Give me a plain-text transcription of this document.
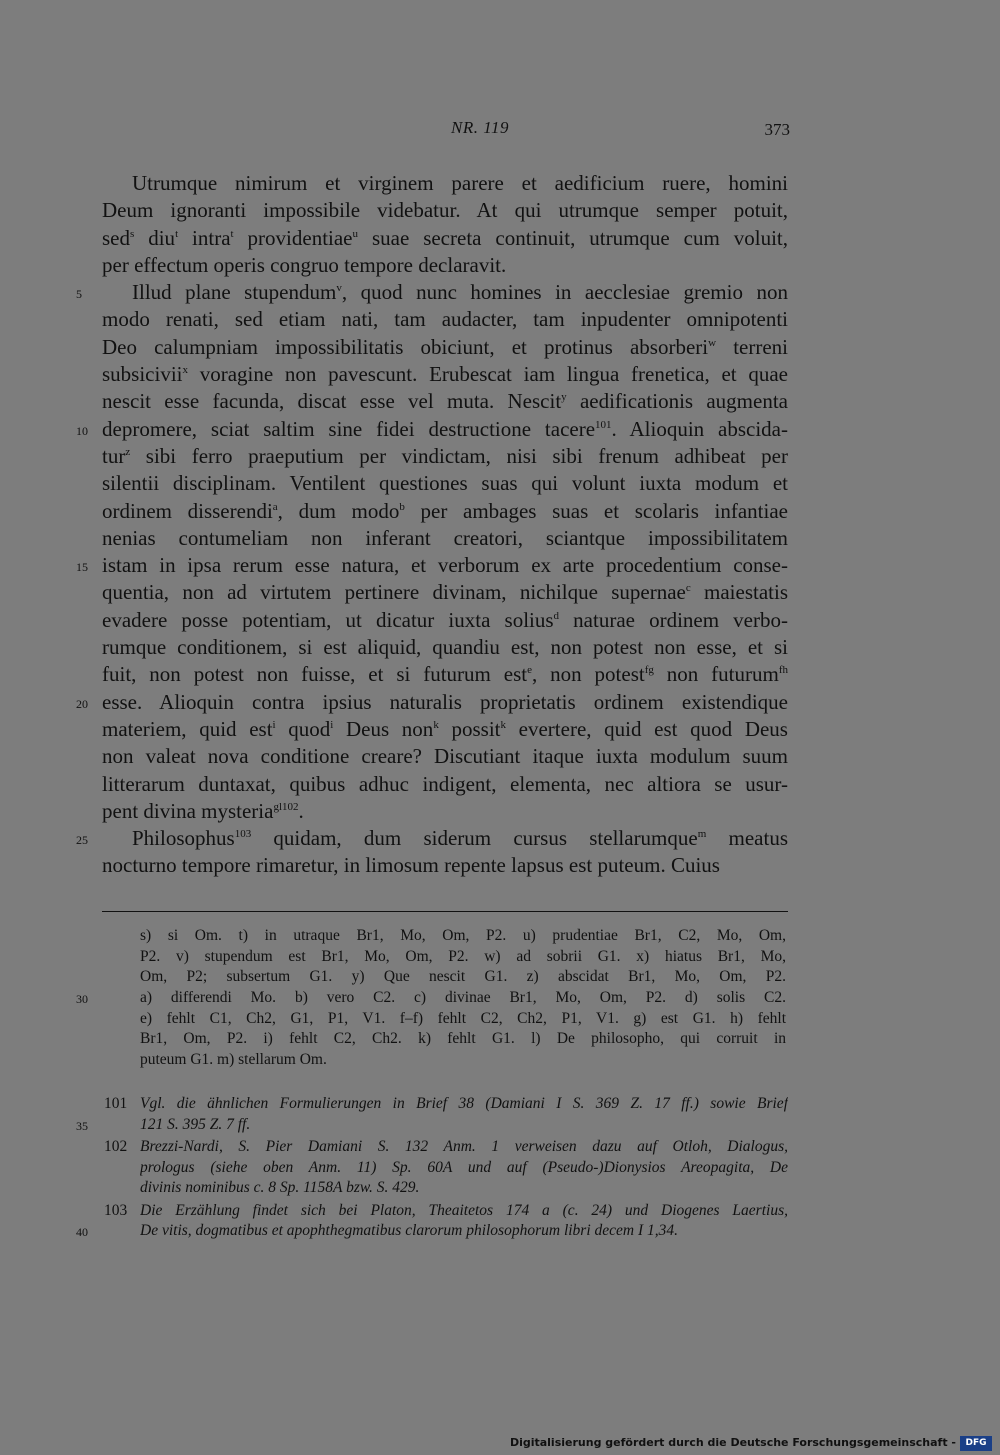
NR. 119	373
Utrumque nimirum et virginem parere et aedificium ruere, homini
Deum ignoranti impossibile videbatur. At qui utrumque semper potuit,
sed$^s$ diu$^t$ intra$^t$ providentiae$^u$ suae secreta continuit, utrumque cum voluit,
per effectum operis congruo tempore declaravit.
Illud plane stupendum$^v$, quod nunc homines in aecclesiae gremio non
modo renati, sed etiam nati, tam audacter, tam inpudenter omnipotenti
Deo calumpniam impossibilitatis obiciunt, et protinus absorberi$^w$ terreni
subsicivii$^x$ voragine non pavescunt. Erubescat iam lingua frenetica, et quae
nescit esse facunda, discat esse vel muta. Nescit$^y$ aedificationis augmenta
depromere, sciat saltim sine fidei destructione tacere$^{101}$. Alioquin abscida-
tur$^z$ sibi ferro praeputium per vindictam, nisi sibi frenum adhibeat per
silentii disciplinam. Ventilent questiones suas qui volunt iuxta modum et
ordinem disserendi$^a$, dum modo$^b$ per ambages suas et scolaris infantiae
nenias contumeliam non inferant creatori, sciantque impossibilitatem
istam in ipsa rerum esse natura, et verborum ex arte procedentium conse-
quentia, non ad virtutem pertinere divinam, nichilque supernae$^c$ maiestatis
evadere posse potentiam, ut dicatur iuxta solius$^d$ naturae ordinem verbo-
rumque conditionem, si est aliquid, quandiu est, non potest non esse, et si
fuit, non potest non fuisse, et si futurum est$^e$, non potest$^{fg}$ non futurum$^{fh}$
esse. Alioquin contra ipsius naturalis proprietatis ordinem existendique
materiem, quid est$^i$ quod$^i$ Deus non$^k$ possit$^k$ evertere, quid est quod Deus
non valeat nova conditione creare? Discutiant itaque iuxta modulum suum
litterarum duntaxat, quibus adhuc indigent, elementa, nec altiora se usur-
pent divina mysteria$^{gl102}$.
Philosophus$^{103}$ quidam, dum siderum cursus stellarumque$^m$ meatus
nocturno tempore rimaretur, in limosum repente lapsus est puteum. Cuius
5
10
15
20
25
s) si Om. t) in utraque Br1, Mo, Om, P2. u) prudentiae Br1, C2, Mo, Om,
P2. v) stupendum est Br1, Mo, Om, P2. w) ad sobrii G1. x) hiatus Br1, Mo,
Om, P2; subsertum G1. y) Que nescit G1. z) abscidat Br1, Mo, Om, P2.
a) differendi Mo. b) vero C2. c) divinae Br1, Mo, Om, P2. d) solis C2.
e) fehlt C1, Ch2, G1, P1, V1. f–f) fehlt C2, Ch2, P1, V1. g) est G1. h) fehlt
Br1, Om, P2. i) fehlt C2, Ch2. k) fehlt G1. l) De philosopho, qui corruit in
puteum G1. m) stellarum Om.
30
101 Vgl. die ähnlichen Formulierungen in Brief 38 (Damiani I S. 369 Z. 17 ff.) sowie Brief
121 S. 395 Z. 7 ff.
102 Brezzi-Nardi, S. Pier Damiani S. 132 Anm. 1 verweisen dazu auf Otloh, Dialogus,
prologus (siehe oben Anm. 11) Sp. 60A und auf (Pseudo-)Dionysios Areopagita, De
divinis nominibus c. 8 Sp. 1158A bzw. S. 429.
103 Die Erzählung findet sich bei Platon, Theaitetos 174 a (c. 24) und Diogenes Laertius,
De vitis, dogmatibus et apophthegmatibus clarorum philosophorum libri decem I 1,34.
Digitalisierung gefördert durch die Deutsche Forschungsgemeinschaft -	DFG
35
40
